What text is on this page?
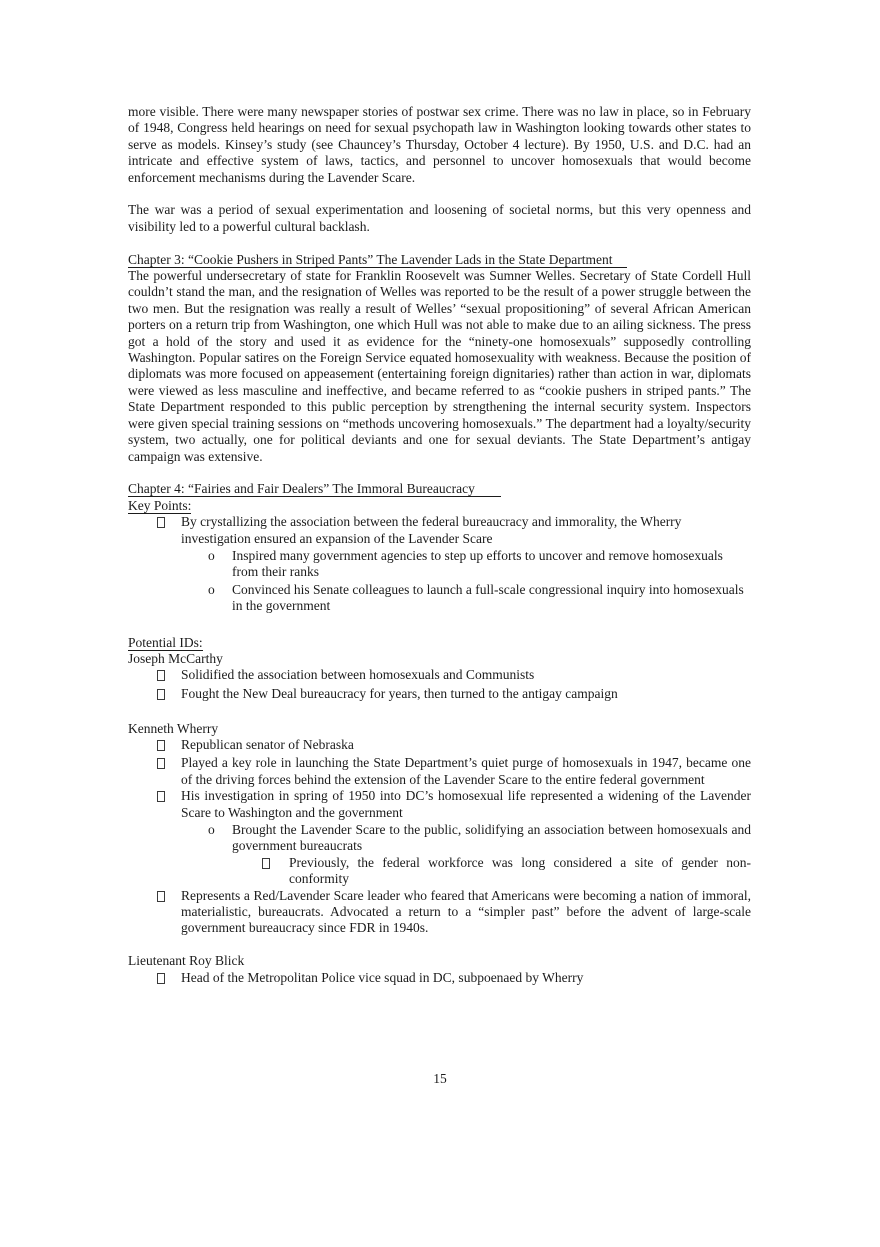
more visible. There were many newspaper stories of postwar sex crime. There was no law in place, so in February of 1948, Congress held hearings on need for sexual psychopath law in Washington looking towards other states to serve as models. Kinsey’s study (see Chauncey’s Thursday, October 4 lecture). By 1950, U.S. and D.C. had an intricate and effective system of laws, tactics, and personnel to uncover homosexuals that would become enforcement mechanisms during the Lavender Scare.

The war was a period of sexual experimentation and loosening of societal norms, but this very openness and visibility led to a powerful cultural backlash.

Chapter 3: “Cookie Pushers in Striped Pants” The Lavender Lads in the State Department

The powerful undersecretary of state for Franklin Roosevelt was Sumner Welles. Secretary of State Cordell Hull couldn’t stand the man, and the resignation of Welles was reported to be the result of a power struggle between the two men. But the resignation was really a result of Welles’ “sexual propositioning” of several African American porters on a return trip from Washington, one which Hull was not able to make due to an ailing sickness. The press got a hold of the story and used it as evidence for the “ninety-one homosexuals” supposedly controlling Washington. Popular satires on the Foreign Service equated homosexuality with weakness. Because the position of diplomats was more focused on appeasement (entertaining foreign dignitaries) rather than action in war, diplomats were viewed as less masculine and ineffective, and became referred to as “cookie pushers in striped pants.” The State Department responded to this public perception by strengthening the internal security system. Inspectors were given special training sessions on “methods uncovering homosexuals.” The department had a loyalty/security system, two actually, one for political deviants and one for sexual deviants. The State Department’s antigay campaign was extensive.

Chapter 4: “Fairies and Fair Dealers” The Immoral Bureaucracy

Key Points:

By crystallizing the association between the federal bureaucracy and immorality, the Wherry investigation ensured an expansion of the Lavender Scare
o	Inspired many government agencies to step up efforts to uncover and remove homosexuals from their ranks
o	Convinced his Senate colleagues to launch a full-scale congressional inquiry into homosexuals in the government

Potential IDs:

Joseph McCarthy

Solidified the association between homosexuals and Communists
Fought the New Deal bureaucracy for years, then turned to the antigay campaign

Kenneth Wherry

Republican senator of Nebraska
Played a key role in launching the State Department’s quiet purge of homosexuals in 1947, became one of the driving forces behind the extension of the Lavender Scare to the entire federal government
His investigation in spring of 1950 into DC’s homosexual life represented a widening of the Lavender Scare to Washington and the government
o	Brought the Lavender Scare to the public, solidifying an association between homosexuals and government bureaucrats
Previously, the federal workforce was long considered a site of gender non-conformity
Represents a Red/Lavender Scare leader who feared that Americans were becoming a nation of immoral, materialistic, bureaucrats. Advocated a return to a “simpler past” before the advent of large-scale government bureaucracy since FDR in 1940s.

Lieutenant Roy Blick

Head of the Metropolitan Police vice squad in DC, subpoenaed by Wherry
15
